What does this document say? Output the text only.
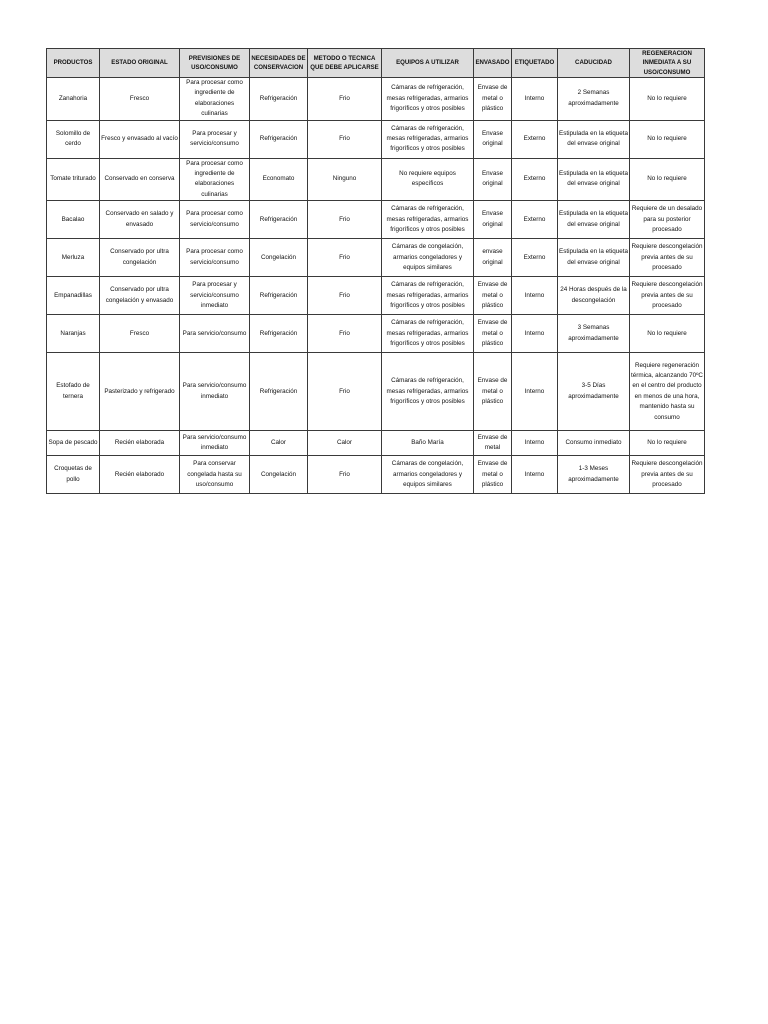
PRODUCTOS	ESTADO ORIGINAL	PREVISIONES DE USO/CONSUMO	NECESIDADES DE CONSERVACION	METODO O TECNICA QUE DEBE APLICARSE	EQUIPOS A UTILIZAR	ENVASADO	ETIQUETADO	CADUCIDAD	REGENERACION INMEDIATA A SU USO/CONSUMO
Zanahoria	Fresco	Para procesar como ingrediente de elaboraciones culinarias	Refrigeración	Frio	Cámaras de refrigeración, mesas refrigeradas, armarios frigoríficos y otros posibles	Envase de metal o plástico	Interno	2 Semanas aproximadamente	No lo requiere
Solomillo de cerdo	Fresco y envasado al vacío	Para procesar y servicio/consumo	Refrigeración	Frio	Cámaras de refrigeración, mesas refrigeradas, armarios frigoríficos y otros posibles	Envase original	Externo	Estipulada en la etiqueta del envase original	No lo requiere
Tomate triturado	Conservado en conserva	Para procesar como ingrediente de elaboraciones culinarias	Economato	Ninguno	No requiere equipos específicos	Envase original	Externo	Estipulada en la etiqueta del envase original	No lo requiere
Bacalao	Conservado en salado y envasado	Para procesar como servicio/consumo	Refrigeración	Frio	Cámaras de refrigeración, mesas refrigeradas, armarios frigoríficos y otros posibles	Envase original	Externo	Estipulada en la etiqueta del envase original	Requiere de un desalado para su posterior procesado
Merluza	Conservado por ultra congelación	Para procesar como servicio/consumo	Congelación	Frio	Cámaras de congelación, armarios congeladores y equipos similares	envase original	Externo	Estipulada en la etiqueta del envase original	Requiere descongelación previa antes de su procesado
Empanadillas	Conservado por ultra congelación y envasado	Para procesar y servicio/consumo inmediato	Refrigeración	Frio	Cámaras de refrigeración, mesas refrigeradas, armarios frigoríficos y otros posibles	Envase de metal o plástico	Interno	24 Horas después de la descongelación	Requiere descongelación previa antes de su procesado
Naranjas	Fresco	Para servicio/consumo	Refrigeración	Frio	Cámaras de refrigeración, mesas refrigeradas, armarios frigoríficos y otros posibles	Envase de metal o plástico	Interno	3 Semanas aproximadamente	No lo requiere
Estofado de ternera	Pasterizado y refrigerado	Para servicio/consumo inmediato	Refrigeración	Frio	Cámaras de refrigeración, mesas refrigeradas, armarios frigoríficos y otros posibles	Envase de metal o plástico	Interno	3-5 Días aproximadamente	Requiere regeneración térmica, alcanzando 70ºC en el centro del producto en menos de una hora, mantenido hasta su consumo
Sopa de pescado	Recién elaborada	Para servicio/consumo inmediato	Calor	Calor	Baño María	Envase de metal	Interno	Consumo inmediato	No lo requiere
Croquetas de pollo	Recién elaborado	Para conservar congelada hasta su uso/consumo	Congelación	Frio	Cámaras de congelación, armarios congeladores y equipos similares	Envase de metal o plástico	Interno	1-3 Meses aproximadamente	Requiere descongelación previa antes de su procesado
